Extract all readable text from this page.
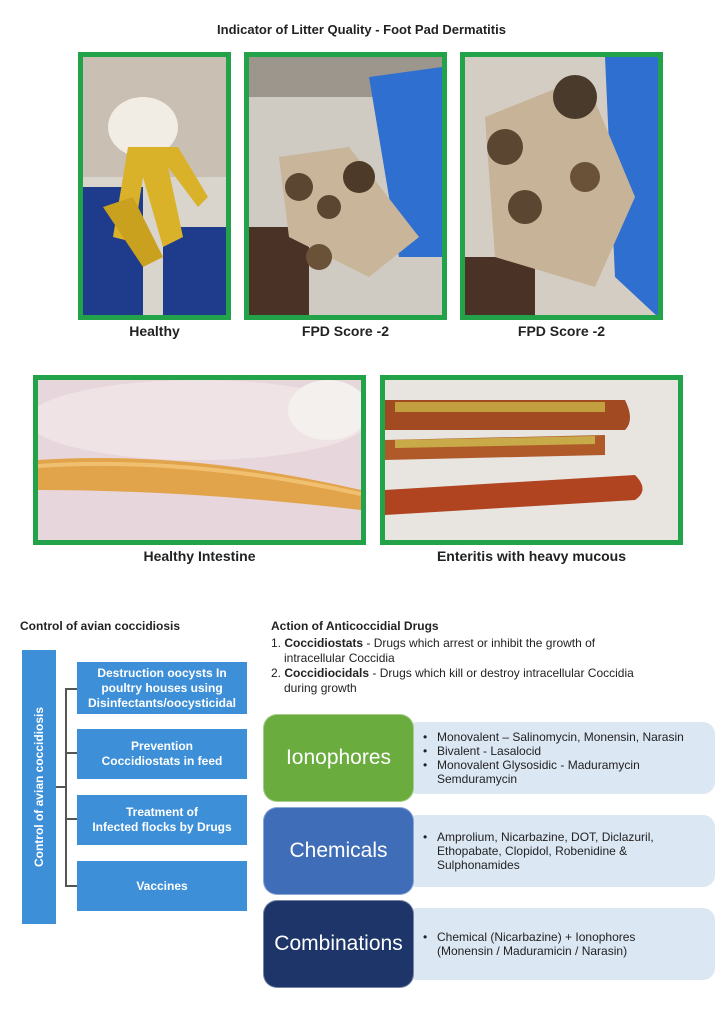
Indicator of Litter Quality - Foot Pad Dermatitis
Healthy	FPD Score -2	FPD Score -2
Healthy Intestine	Enteritis with heavy mucous
Control of avian coccidiosis
Control of avian coccidiosis
Destruction oocysts In
poultry houses using
Disinfectants/oocysticidal
Prevention
Coccidiostats in feed
Treatment of
Infected flocks by Drugs
Vaccines
Action of Anticoccidial Drugs
1. Coccidiostats - Drugs which arrest or inhibit the growth of
intracellular Coccidia
2. Coccidiocidals - Drugs which kill or destroy intracellular Coccidia
during growth
• Monovalent – Salinomycin, Monensin, Narasin
• Bivalent - Lasalocid
• Monovalent Glysosidic - Maduramycin
Semduramycin
Ionophores
• Amprolium, Nicarbazine, DOT, Diclazuril,
Ethopabate, Clopidol, Robenidine &
Sulphonamides
Chemicals
• Chemical (Nicarbazine) + Ionophores
(Monensin / Maduramicin / Narasin)
Combinations
